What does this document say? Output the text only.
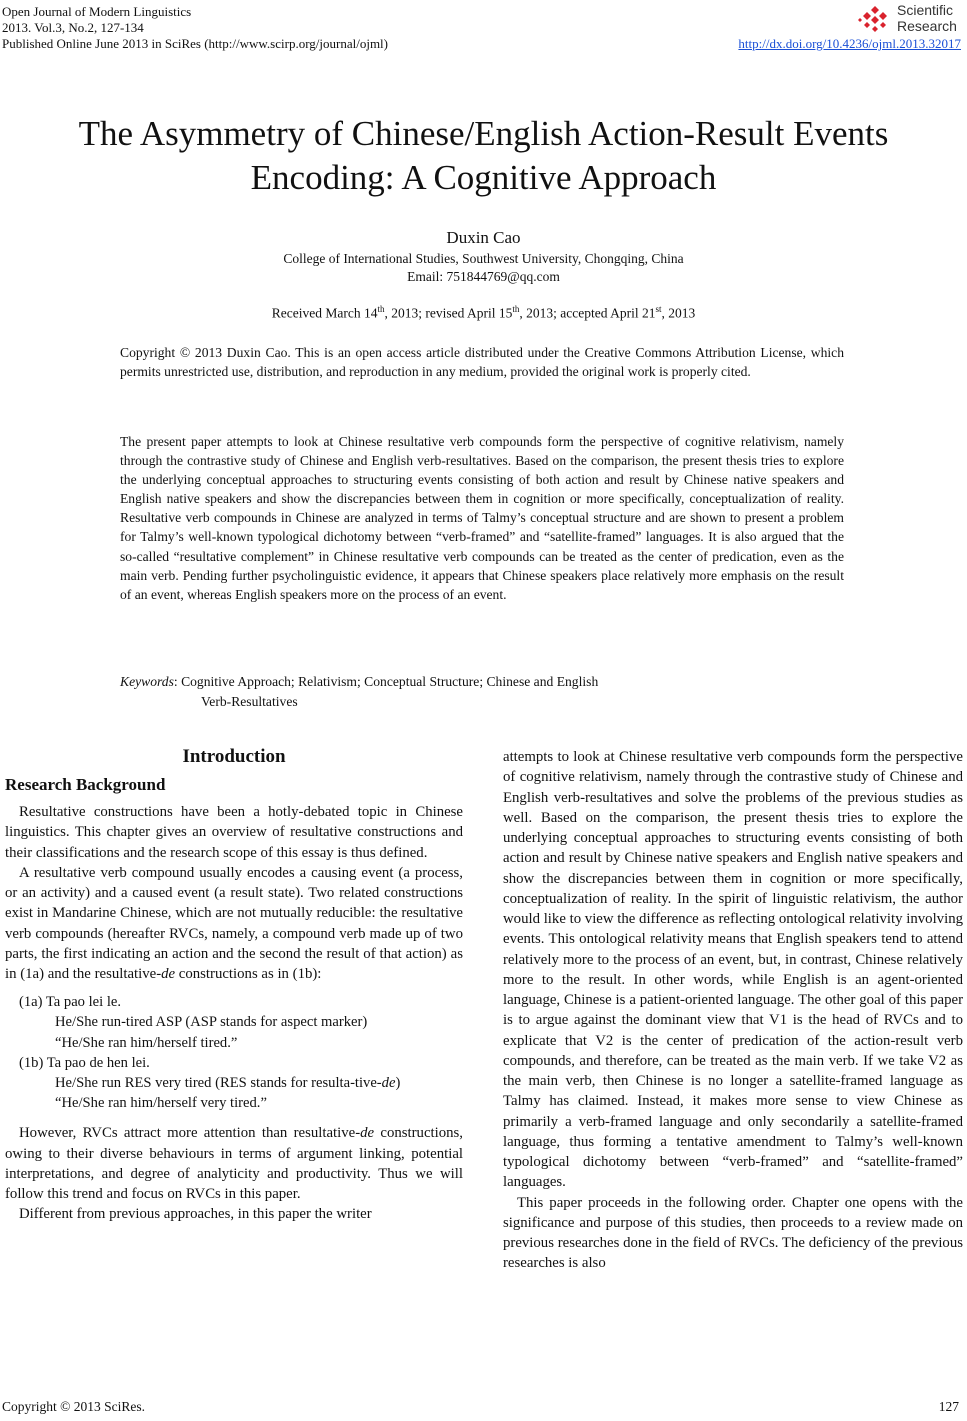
Open Journal of Modern Linguistics
2013. Vol.3, No.2, 127-134
Published Online June 2013 in SciRes (http://www.scirp.org/journal/ojml)	http://dx.doi.org/10.4236/ojml.2013.32017
Scientific
Research
The Asymmetry of Chinese/English Action-Result Events
Encoding: A Cognitive Approach
Duxin Cao
College of International Studies, Southwest University, Chongqing, China
Email: 751844769@qq.com
Received March 14th, 2013; revised April 15th, 2013; accepted April 21st, 2013
Copyright © 2013 Duxin Cao. This is an open access article distributed under the Creative Commons Attribution License, which permits unrestricted use, distribution, and reproduction in any medium, provided the original work is properly cited.
The present paper attempts to look at Chinese resultative verb compounds form the perspective of cognitive relativism, namely through the contrastive study of Chinese and English verb-resultatives. Based on the comparison, the present thesis tries to explore the underlying conceptual approaches to structuring events consisting of both action and result by Chinese native speakers and English native speakers and show the discrepancies between them in cognition or more specifically, conceptualization of reality. Resultative verb compounds in Chinese are analyzed in terms of Talmy’s conceptual structure and are shown to present a problem for Talmy’s well-known typological dichotomy between “verb-framed” and “satellite-framed” languages. It is also argued that the so-called “resultative complement” in Chinese resultative verb compounds can be treated as the center of predication, even as the main verb. Pending further psycholinguistic evidence, it appears that Chinese speakers place relatively more emphasis on the result of an event, whereas English speakers more on the process of an event.
Keywords: Cognitive Approach; Relativism; Conceptual Structure; Chinese and English
Verb-Resultatives
Introduction
Research Background

Resultative constructions have been a hotly-debated topic in Chinese linguistics. This chapter gives an overview of resultative constructions and their classifications and the research scope of this essay is thus defined.

A resultative verb compound usually encodes a causing event (a process, or an activity) and a caused event (a result state). Two related constructions exist in Mandarine Chinese, which are not mutually reducible: the resultative verb compounds (hereafter RVCs, namely, a compound verb made up of two parts, the first indicating an action and the second the result of that action) as in (1a) and the resultative-de constructions as in (1b):

(1a) Ta pao lei le.
He/She run-tired ASP (ASP stands for aspect marker)
“He/She ran him/herself tired.”
(1b) Ta pao de hen lei.
He/She run RES very tired (RES stands for resulta-tive-de)
“He/She ran him/herself very tired.”

However, RVCs attract more attention than resultative-de constructions, owing to their diverse behaviours in terms of argument linking, potential interpretations, and degree of analyticity and productivity. Thus we will follow this trend and focus on RVCs in this paper.

Different from previous approaches, in this paper the writer

attempts to look at Chinese resultative verb compounds form the perspective of cognitive relativism, namely through the contrastive study of Chinese and English verb-resultatives and solve the problems of the previous studies as well. Based on the comparison, the present thesis tries to explore the underlying conceptual approaches to structuring events consisting of both action and result by Chinese native speakers and English native speakers and show the discrepancies between them in cognition or more specifically, conceptualization of reality. In the spirit of linguistic relativism, the author would like to view the difference as reflecting ontological relativity involving events. This ontological relativity means that English speakers tend to attend relatively more to the process of an event, but, in contrast, Chinese relatively more to the result. In other words, while English is an agent-oriented language, Chinese is a patient-oriented language. The other goal of this paper is to argue against the dominant view that V1 is the head of RVCs and to explicate that V2 is the center of predication of the action-result verb compounds, and therefore, can be treated as the main verb. If we take V2 as the main verb, then Chinese is no longer a satellite-framed language as Talmy has claimed. Instead, it makes more sense to view Chinese as primarily a verb-framed language and only secondarily a satellite-framed language, thus forming a tentative amendment to Talmy’s well-known typological dichotomy between “verb-framed” and “satellite-framed” languages.

This paper proceeds in the following order. Chapter one opens with the significance and purpose of this studies, then proceeds to a review made on previous researches done in the field of RVCs. The deficiency of the previous researches is also

Copyright © 2013 SciRes.	127
